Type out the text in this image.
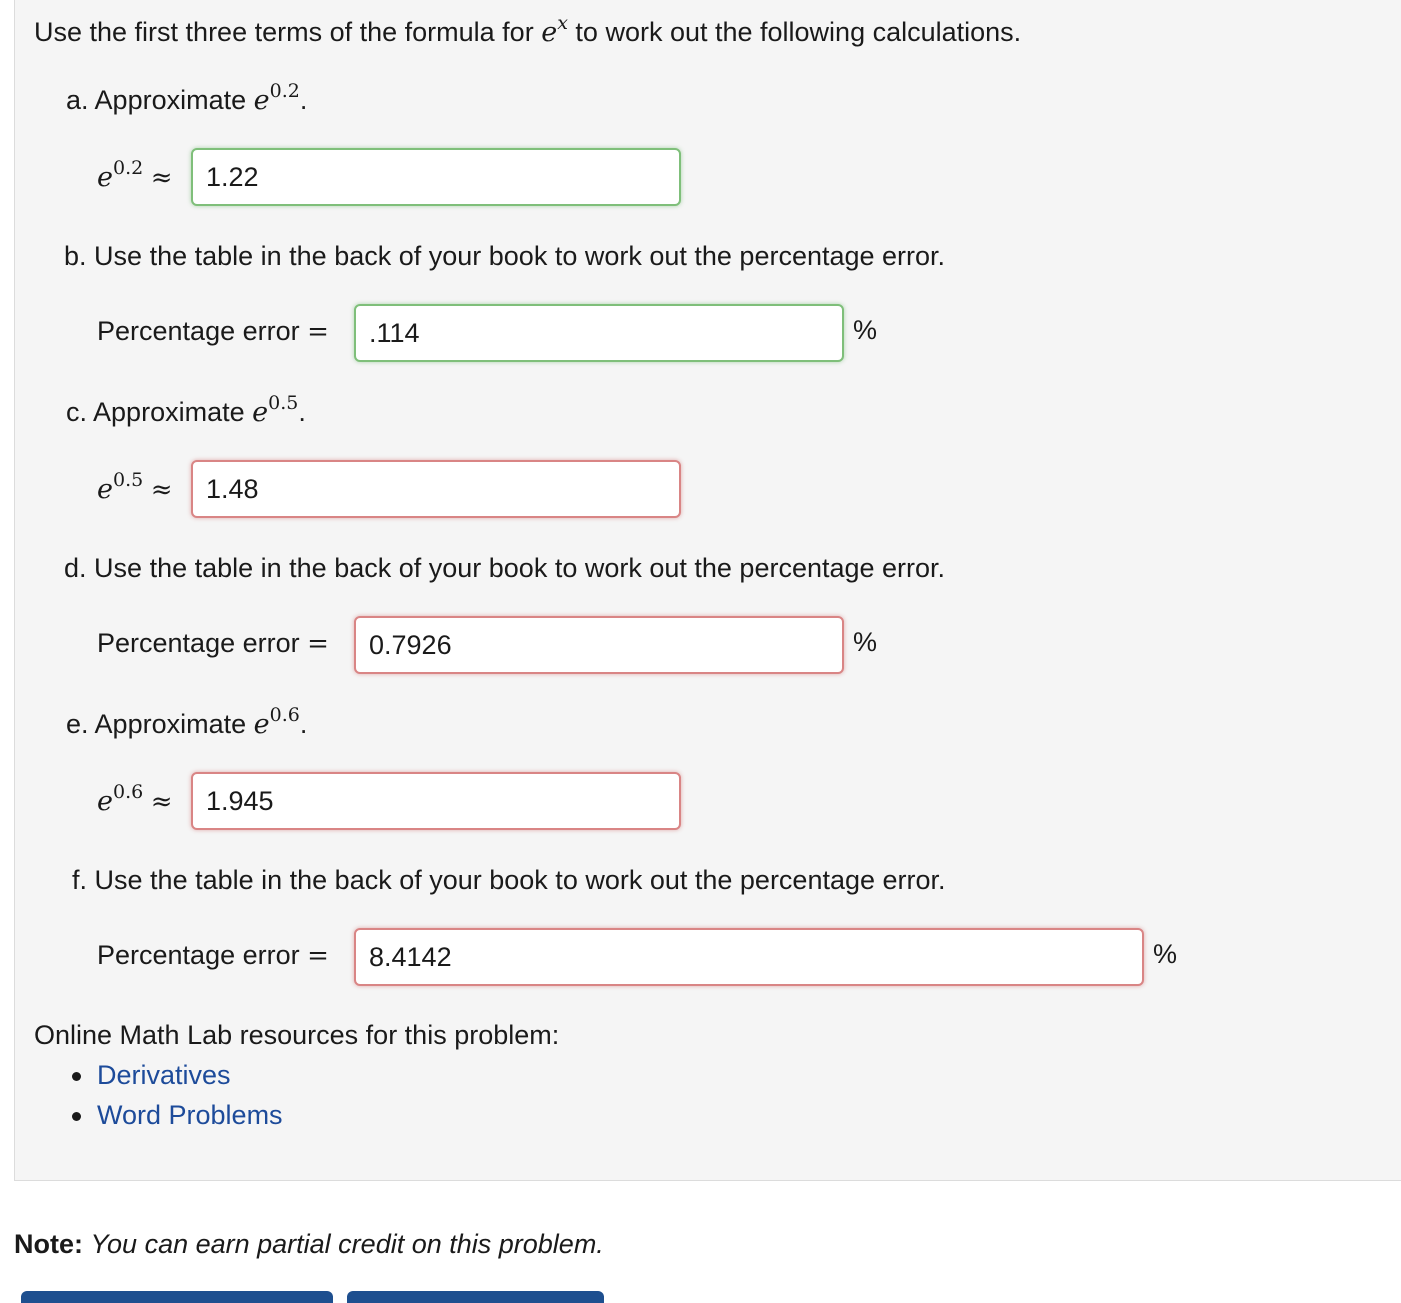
Use the first three terms of the formula for $e^x$ to work out the following calculations.
a. Approximate $e^{0.2}$.
$e^{0.2}$ ≈	1.22
b. Use the table in the back of your book to work out the percentage error.
Percentage error =	.114	%
c. Approximate $e^{0.5}$.
$e^{0.5}$ ≈	1.48
d. Use the table in the back of your book to work out the percentage error.
Percentage error =	0.7926	%
e. Approximate $e^{0.6}$.
$e^{0.6}$ ≈	1.945
f. Use the table in the back of your book to work out the percentage error.
Percentage error =	8.4142	%
Online Math Lab resources for this problem:
Derivatives
Word Problems
Note: You can earn partial credit on this problem.
